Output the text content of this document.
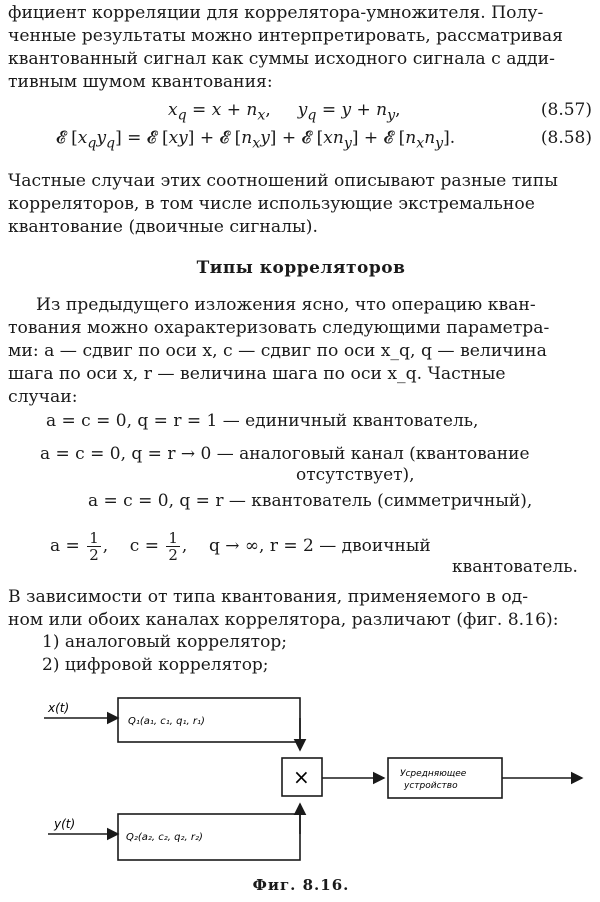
фициент корреляции для коррелятора-умножителя. Полу-

ченные результаты можно интерпретировать, рассматривая

квантованный сигнал как суммы исходного сигнала с адди-

тивным шумом квантования:

$x_q = x + n_x$,     $y_q = y + n_y$,	(8.57)
𝓔 $[x_qy_q]$ = 𝓔 [xy] + 𝓔 $[n_xy]$ + 𝓔 $[xn_y]$ + 𝓔 $[n_xn_y]$.	(8.58)

Частные случаи этих соотношений описывают разные типы

корреляторов, в том числе использующие экстремальное

квантование (двоичные сигналы).

Типы корреляторов

Из предыдущего изложения ясно, что операцию кван-

тования можно охарактеризовать следующими параметра-

ми: a — сдвиг по оси x, c — сдвиг по оси x_q, q — величина

шага по оси x, r — величина шага по оси x_q. Частные

случаи:

a = c = 0, q = r = 1 — единичный квантователь,
a = c = 0, q = r → 0 — аналоговый канал (квантование
отсутствует),
a = c = 0, q = r — квантователь (симметричный),
$a = \frac{1}{2}$ ,    $c = \frac{1}{2}$ ,    q → ∞, r = 2 — двоичный
квантователь.

В зависимости от типа квантования, применяемого в од-

ном или обоих каналах коррелятора, различают (фиг. 8.16):

1) аналоговый коррелятор;
2) цифровой коррелятор;
x(t)
Q₁(a₁, c₁, q₁, r₁)
×	Усредняющее
устройство
y(t)
Q₂(a₂, c₂, q₂, r₂)
Фиг. 8.16.
